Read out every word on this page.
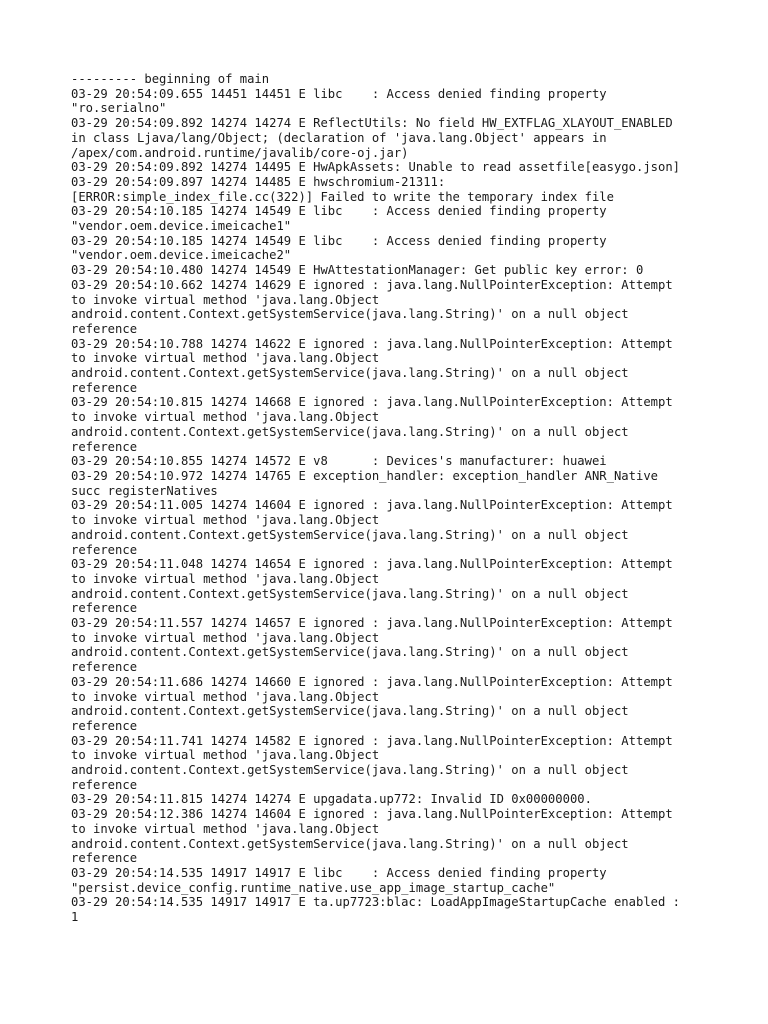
--------- beginning of main
03-29 20:54:09.655 14451 14451 E libc    : Access denied finding property
"ro.serialno"
03-29 20:54:09.892 14274 14274 E ReflectUtils: No field HW_EXTFLAG_XLAYOUT_ENABLED
in class Ljava/lang/Object; (declaration of 'java.lang.Object' appears in
/apex/com.android.runtime/javalib/core-oj.jar)
03-29 20:54:09.892 14274 14495 E HwApkAssets: Unable to read assetfile[easygo.json]
03-29 20:54:09.897 14274 14485 E hwschromium-21311:
[ERROR:simple_index_file.cc(322)] Failed to write the temporary index file
03-29 20:54:10.185 14274 14549 E libc    : Access denied finding property
"vendor.oem.device.imeicache1"
03-29 20:54:10.185 14274 14549 E libc    : Access denied finding property
"vendor.oem.device.imeicache2"
03-29 20:54:10.480 14274 14549 E HwAttestationManager: Get public key error: 0
03-29 20:54:10.662 14274 14629 E ignored : java.lang.NullPointerException: Attempt
to invoke virtual method 'java.lang.Object
android.content.Context.getSystemService(java.lang.String)' on a null object
reference
03-29 20:54:10.788 14274 14622 E ignored : java.lang.NullPointerException: Attempt
to invoke virtual method 'java.lang.Object
android.content.Context.getSystemService(java.lang.String)' on a null object
reference
03-29 20:54:10.815 14274 14668 E ignored : java.lang.NullPointerException: Attempt
to invoke virtual method 'java.lang.Object
android.content.Context.getSystemService(java.lang.String)' on a null object
reference
03-29 20:54:10.855 14274 14572 E v8      : Devices's manufacturer: huawei
03-29 20:54:10.972 14274 14765 E exception_handler: exception_handler ANR_Native
succ registerNatives
03-29 20:54:11.005 14274 14604 E ignored : java.lang.NullPointerException: Attempt
to invoke virtual method 'java.lang.Object
android.content.Context.getSystemService(java.lang.String)' on a null object
reference
03-29 20:54:11.048 14274 14654 E ignored : java.lang.NullPointerException: Attempt
to invoke virtual method 'java.lang.Object
android.content.Context.getSystemService(java.lang.String)' on a null object
reference
03-29 20:54:11.557 14274 14657 E ignored : java.lang.NullPointerException: Attempt
to invoke virtual method 'java.lang.Object
android.content.Context.getSystemService(java.lang.String)' on a null object
reference
03-29 20:54:11.686 14274 14660 E ignored : java.lang.NullPointerException: Attempt
to invoke virtual method 'java.lang.Object
android.content.Context.getSystemService(java.lang.String)' on a null object
reference
03-29 20:54:11.741 14274 14582 E ignored : java.lang.NullPointerException: Attempt
to invoke virtual method 'java.lang.Object
android.content.Context.getSystemService(java.lang.String)' on a null object
reference
03-29 20:54:11.815 14274 14274 E upgadata.up772: Invalid ID 0x00000000.
03-29 20:54:12.386 14274 14604 E ignored : java.lang.NullPointerException: Attempt
to invoke virtual method 'java.lang.Object
android.content.Context.getSystemService(java.lang.String)' on a null object
reference
03-29 20:54:14.535 14917 14917 E libc    : Access denied finding property
"persist.device_config.runtime_native.use_app_image_startup_cache"
03-29 20:54:14.535 14917 14917 E ta.up7723:blac: LoadAppImageStartupCache enabled :
1
